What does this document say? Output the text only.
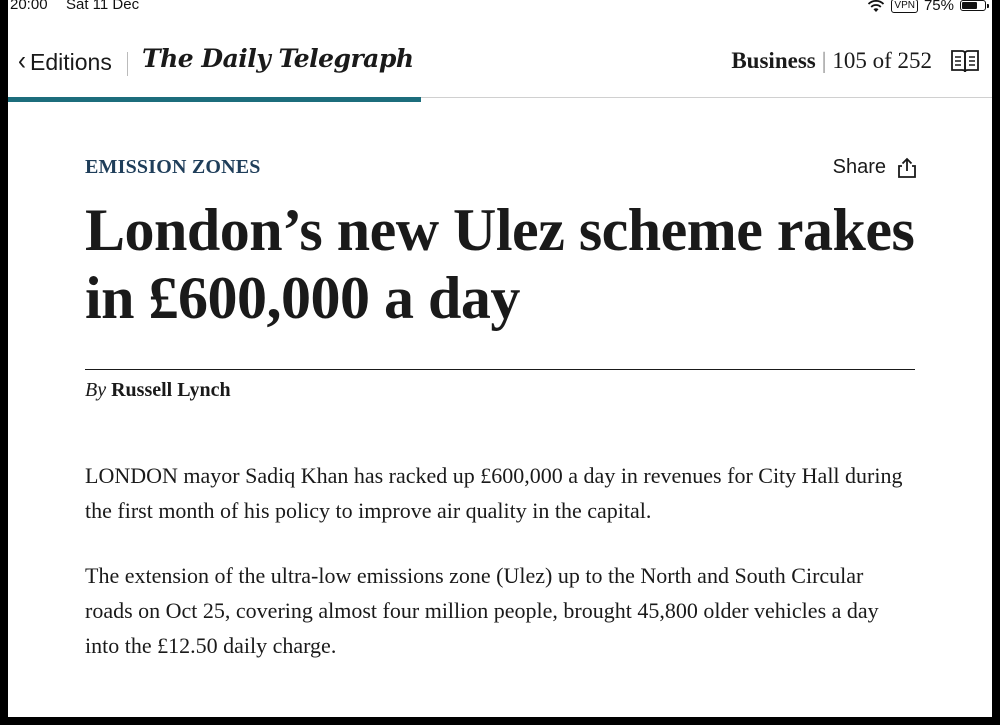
20:00 Sat 11 Dec	VPN 75%
‹ Editions The Daily Telegraph	Business | 105 of 252
EMISSION ZONES	Share
London’s new Ulez scheme rakes in £600,000 a day
By Russell Lynch

LONDON mayor Sadiq Khan has racked up £600,000 a day in revenues for City Hall during the first month of his policy to improve air quality in the capital.

The extension of the ultra-low emissions zone (Ulez) up to the North and South Circular roads on Oct 25, covering almost four million people, brought 45,800 older vehicles a day into the £12.50 daily charge.
